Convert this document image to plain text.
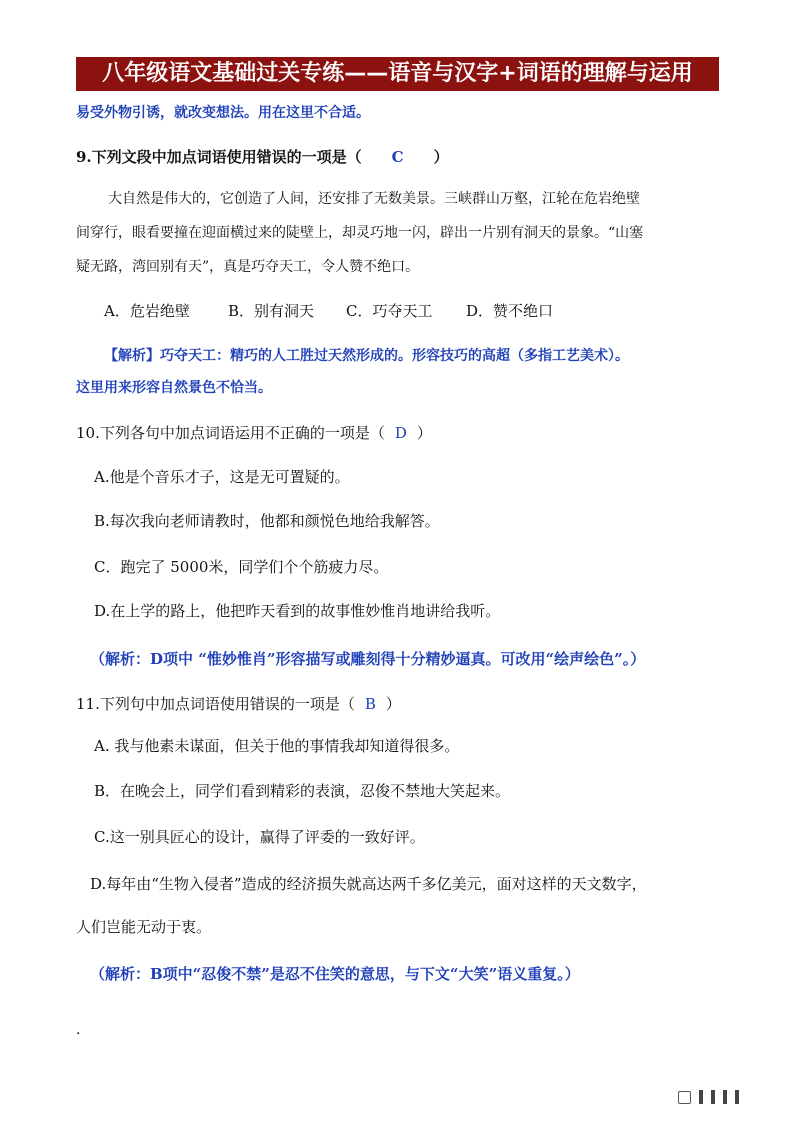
八年级语文基础过关专练——语音与汉字+词语的理解与运用
易受外物引诱，就改变想法。用在这里不合适。
9.下列文段中加点词语使用错误的一项是（ C ）
大自然是伟大的，它创造了人间，还安排了无数美景。三峡群山万壑，江轮在危岩绝壁
间穿行，眼看要撞在迎面横过来的陡壁上，却灵巧地一闪，辟出一片别有洞天的景象。“山塞
疑无路，湾回别有天”，真是巧夺天工，令人赞不绝口。
A．危岩绝壁	B．别有洞天 C．巧夺天工 D．赞不绝口
【解析】巧夺天工：精巧的人工胜过天然形成的。形容技巧的高超（多指工艺美术）。
这里用来形容自然景色不恰当。
10.下列各句中加点词语运用不正确的一项是（ D ）
A.他是个音乐才子，这是无可置疑的。
B.每次我向老师请教时，他都和颜悦色地给我解答。
C．跑完了 5000米，同学们个个筋疲力尽。
D.在上学的路上，他把昨天看到的故事惟妙惟肖地讲给我听。
（解析：D项中 “惟妙惟肖”形容描写或雕刻得十分精妙逼真。可改用“绘声绘色”。）
11.下列句中加点词语使用错误的一项是（ B ）
A. 我与他素未谋面，但关于他的事情我却知道得很多。
B．在晚会上，同学们看到精彩的表演，忍俊不禁地大笑起来。
C.这一别具匠心的设计，赢得了评委的一致好评。
D.每年由“生物入侵者”造成的经济损失就高达两千多亿美元，面对这样的天文数字，
人们岂能无动于衷。
（解析：B项中“忍俊不禁”是忍不住笑的意思，与下文“大笑”语义重复。）
.
